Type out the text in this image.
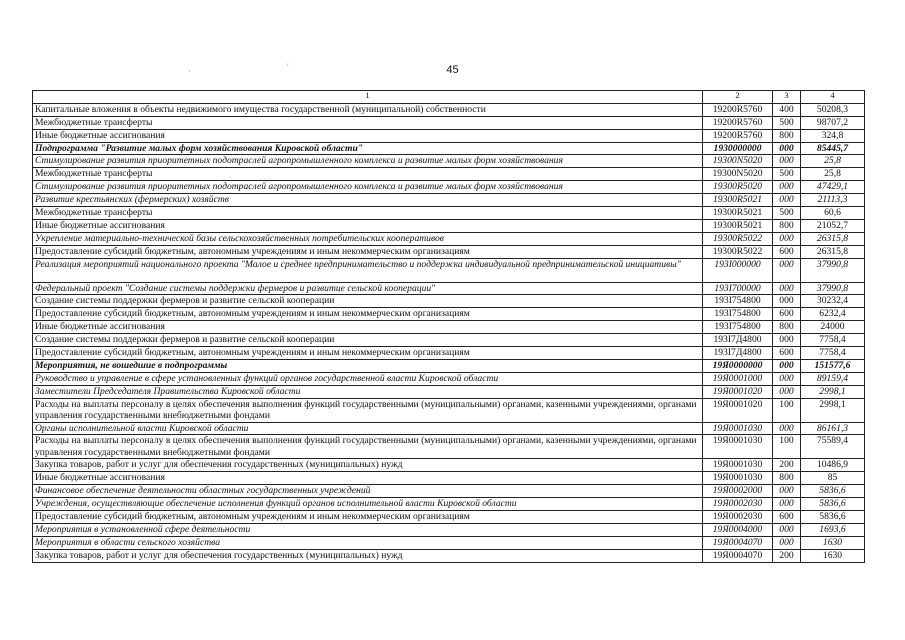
45
·	'
1	2	3	4
Капитальные вложения в объекты недвижимого имущества государственной (муниципальной) собственности	19200R5760	400	50208,3
Межбюджетные трансферты	19200R5760	500	98707,2
Иные бюджетные ассигнования	19200R5760	800	324,8
Подпрограмма "Развитие малых форм хозяйствования Кировской области"	1930000000	000	85445,7
Стимулирование развития приоритетных подотраслей агропромышленного комплекса и развитие малых форм хозяйствования	19300N5020	000	25,8
Межбюджетные трансферты	19300N5020	500	25,8
Стимулирование развития приоритетных подотраслей агропромышленного комплекса и развитие малых форм хозяйствования	19300R5020	000	47429,1
Развитие крестьянских (фермерских) хозяйств	19300R5021	000	21113,3
Межбюджетные трансферты	19300R5021	500	60,6
Иные бюджетные ассигнования	19300R5021	800	21052,7
Укрепление материально-технической базы сельскохозяйственных потребительских кооперативов	19300R5022	000	26315,8
Предоставление субсидий бюджетным, автономным учреждениям и иным некоммерческим организациям	19300R5022	600	26315,8
Реализация мероприятий национального проекта "Малое и среднее предпринимательство и поддержка индивидуальной предпринимательской инициативы"	193I000000	000	37990,8
Федеральный проект "Создание системы поддержки фермеров и развитие сельской кооперации"	193I700000	000	37990,8
Создание системы поддержки фермеров и развитие сельской кооперации	193I754800	000	30232,4
Предоставление субсидий бюджетным, автономным учреждениям и иным некоммерческим организациям	193I754800	600	6232,4
Иные бюджетные ассигнования	193I754800	800	24000
Создание системы поддержки фермеров и развитие сельской кооперации	193I7Д4800	000	7758,4
Предоставление субсидий бюджетным, автономным учреждениям и иным некоммерческим организациям	193I7Д4800	600	7758,4
Мероприятия, не вошедшие в подпрограммы	19Я0000000	000	151577,6
Руководство и управление в сфере установленных функций органов государственной власти Кировской области	19Я0001000	000	89159,4
Заместители Председателя Правительства Кировской области	19Я0001020	000	2998,1
Расходы на выплаты персоналу в целях обеспечения выполнения функций государственными (муниципальными) органами, казенными учреждениями, органами управления государственными внебюджетными фондами	19Я0001020	100	2998,1
Органы исполнительной власти Кировской области	19Я0001030	000	86161,3
Расходы на выплаты персоналу в целях обеспечения выполнения функций государственными (муниципальными) органами, казенными учреждениями, органами управления государственными внебюджетными фондами	19Я0001030	100	75589,4
Закупка товаров, работ и услуг для обеспечения государственных (муниципальных) нужд	19Я0001030	200	10486,9
Иные бюджетные ассигнования	19Я0001030	800	85
Финансовое обеспечение деятельности областных государственных учреждений	19Я0002000	000	5836,6
Учреждения, осуществляющие обеспечение исполнения функций органов исполнительной власти Кировской области	19Я0002030	000	5836,6
Предоставление субсидий бюджетным, автономным учреждениям и иным некоммерческим организациям	19Я0002030	600	5836,6
Мероприятия в установленной сфере деятельности	19Я0004000	000	1693,6
Мероприятия в области сельского хозяйства	19Я0004070	000	1630
Закупка товаров, работ и услуг для обеспечения государственных (муниципальных) нужд	19Я0004070	200	1630
